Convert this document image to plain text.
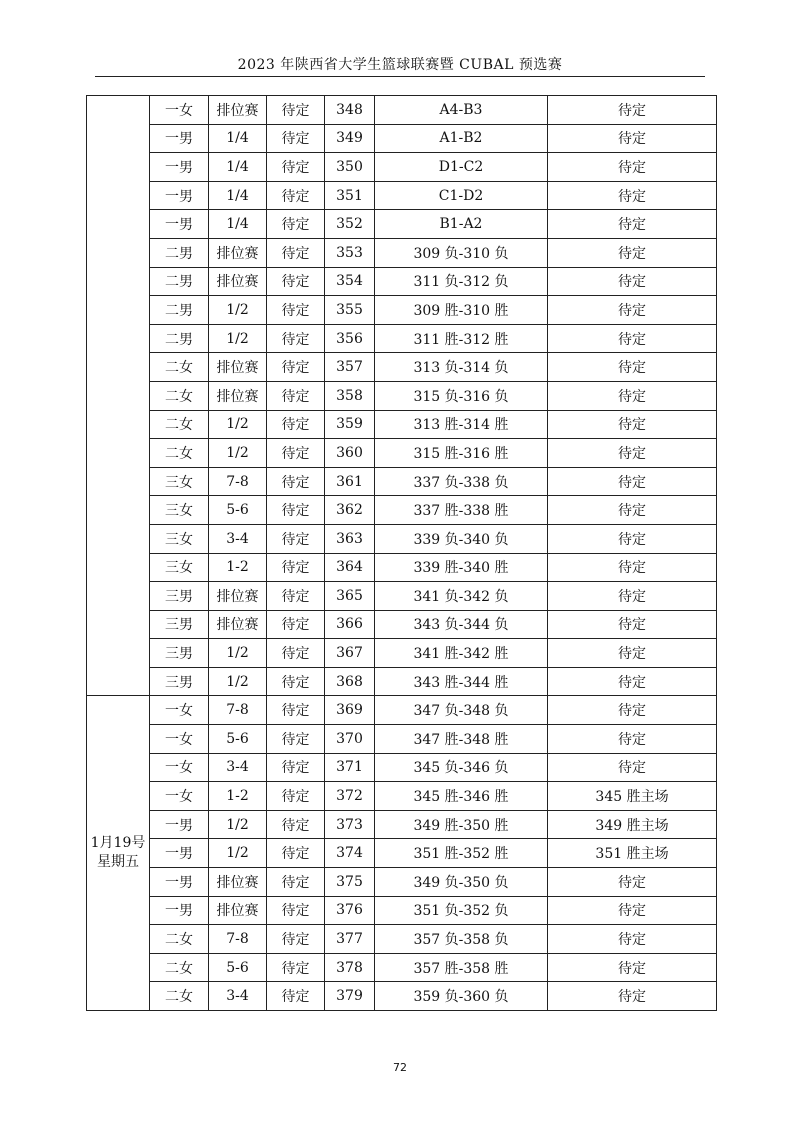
2023 年陕西省大学生篮球联赛暨 CUBAL 预选赛
	一女	排位赛	待定	348	A4-B3	待定
	一男	1/4	待定	349	A1-B2	待定
	一男	1/4	待定	350	D1-C2	待定
	一男	1/4	待定	351	C1-D2	待定
	一男	1/4	待定	352	B1-A2	待定
	二男	排位赛	待定	353	309 负-310 负	待定
	二男	排位赛	待定	354	311 负-312 负	待定
	二男	1/2	待定	355	309 胜-310 胜	待定
	二男	1/2	待定	356	311 胜-312 胜	待定
	二女	排位赛	待定	357	313 负-314 负	待定
	二女	排位赛	待定	358	315 负-316 负	待定
	二女	1/2	待定	359	313 胜-314 胜	待定
	二女	1/2	待定	360	315 胜-316 胜	待定
	三女	7-8	待定	361	337 负-338 负	待定
	三女	5-6	待定	362	337 胜-338 胜	待定
	三女	3-4	待定	363	339 负-340 负	待定
	三女	1-2	待定	364	339 胜-340 胜	待定
	三男	排位赛	待定	365	341 负-342 负	待定
	三男	排位赛	待定	366	343 负-344 负	待定
	三男	1/2	待定	367	341 胜-342 胜	待定
	三男	1/2	待定	368	343 胜-344 胜	待定

1月19号
星期五	一女	7-8	待定	369	347 负-348 负	待定
	一女	5-6	待定	370	347 胜-348 胜	待定
	一女	3-4	待定	371	345 负-346 负	待定
	一女	1-2	待定	372	345 胜-346 胜	345 胜主场
	一男	1/2	待定	373	349 胜-350 胜	349 胜主场
	一男	1/2	待定	374	351 胜-352 胜	351 胜主场
	一男	排位赛	待定	375	349 负-350 负	待定
	一男	排位赛	待定	376	351 负-352 负	待定
	二女	7-8	待定	377	357 负-358 负	待定
	二女	5-6	待定	378	357 胜-358 胜	待定
	二女	3-4	待定	379	359 负-360 负	待定
72
